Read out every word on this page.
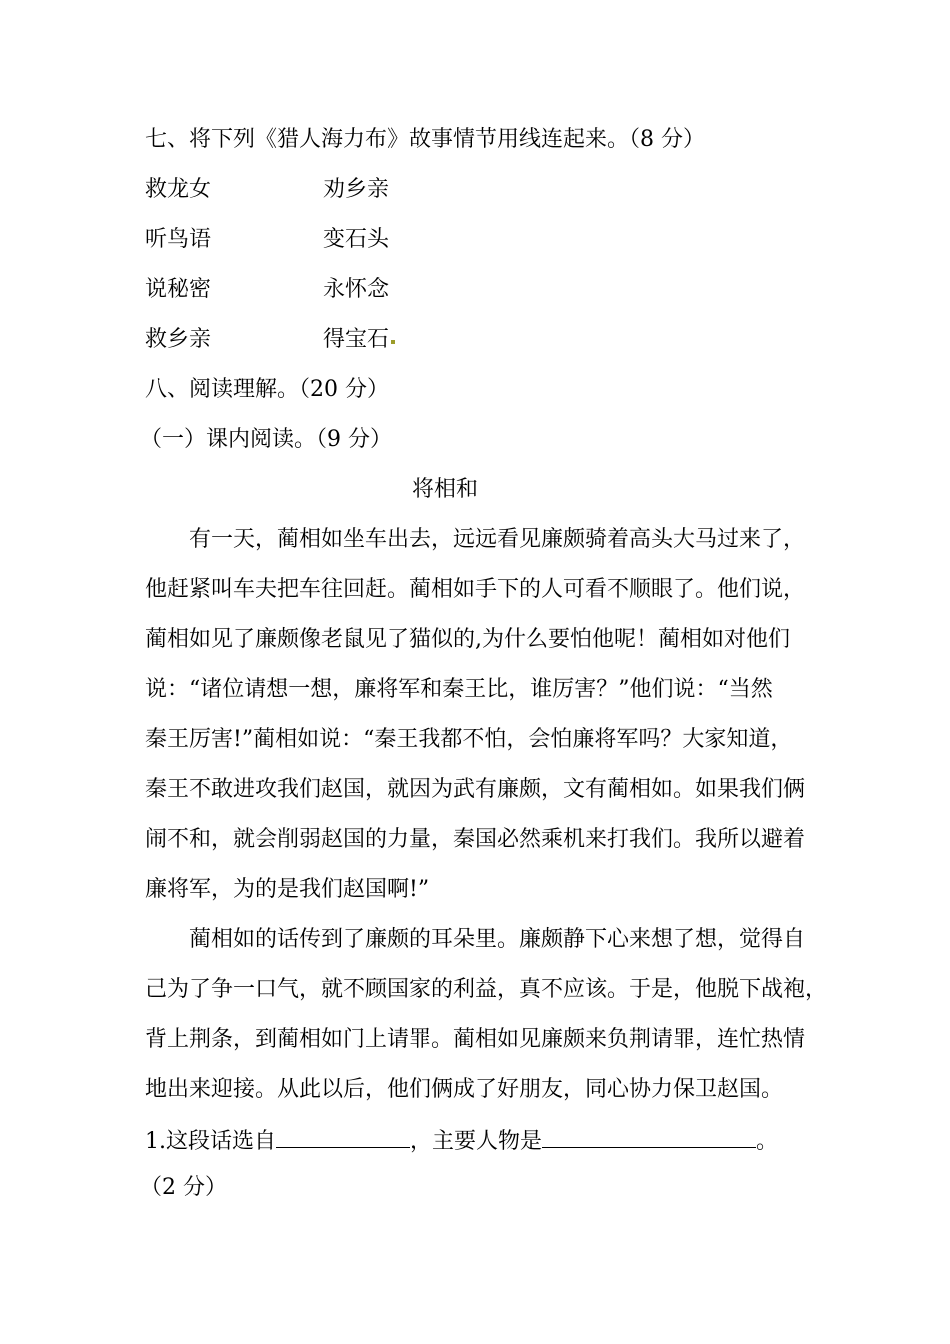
七、将下列《猎人海力布》故事情节用线连起来。（8 分）
救龙女	劝乡亲
听鸟语	变石头
说秘密	永怀念
救乡亲	得宝石
八、阅读理解。（20 分）
（一）课内阅读。（9 分）
将相和
有一天，蔺相如坐车出去，远远看见廉颇骑着高头大马过来了，
他赶紧叫车夫把车往回赶。蔺相如手下的人可看不顺眼了。他们说，
蔺相如见了廉颇像老鼠见了猫似的,为什么要怕他呢！蔺相如对他们
说：“诸位请想一想，廉将军和秦王比，谁厉害？”他们说：“当然
秦王厉害!”蔺相如说：“秦王我都不怕，会怕廉将军吗？大家知道，
秦王不敢进攻我们赵国，就因为武有廉颇，文有蔺相如。如果我们俩
闹不和，就会削弱赵国的力量，秦国必然乘机来打我们。我所以避着
廉将军，为的是我们赵国啊!”
蔺相如的话传到了廉颇的耳朵里。廉颇静下心来想了想，觉得自
己为了争一口气，就不顾国家的利益，真不应该。于是，他脱下战袍，
背上荆条，到蔺相如门上请罪。蔺相如见廉颇来负荆请罪，连忙热情
地出来迎接。从此以后，他们俩成了好朋友，同心协力保卫赵国。
1.这段话选自	，主要人物是	。
（2 分）
